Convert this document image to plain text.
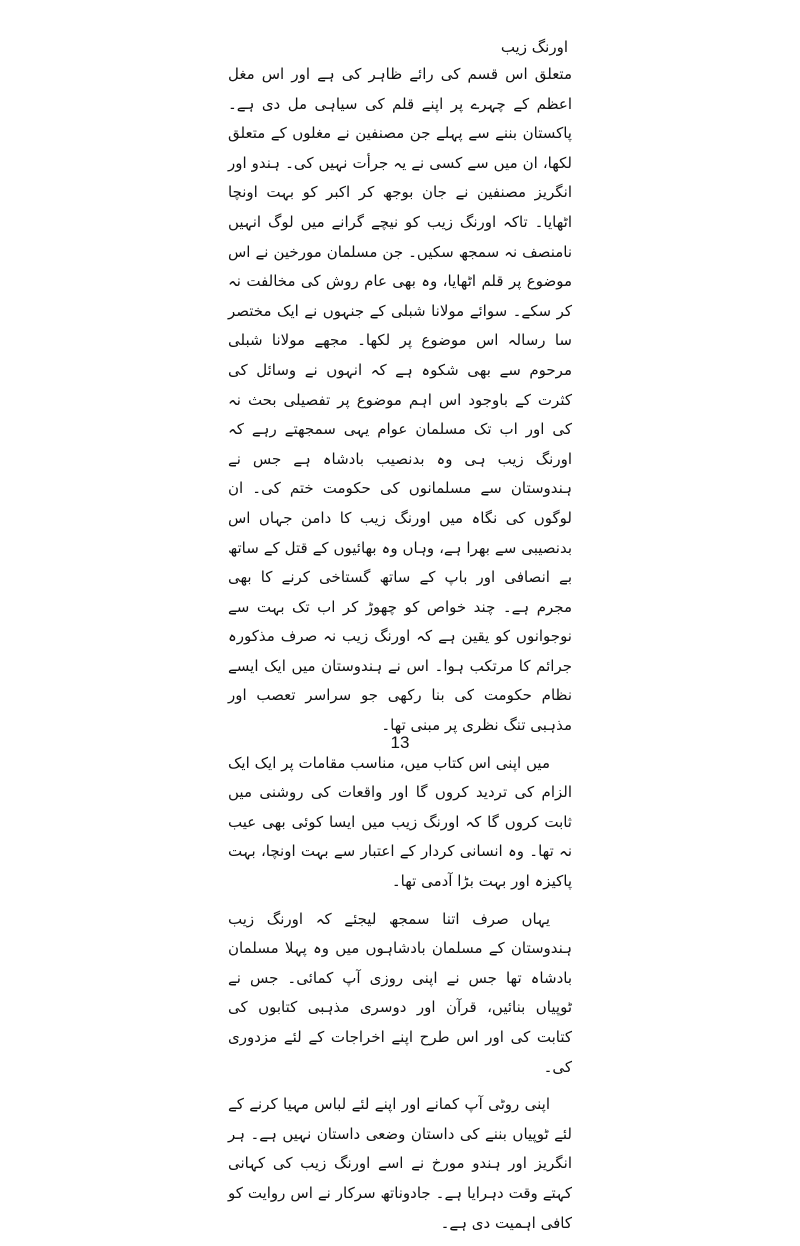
اورنگ زیب

متعلق اس قسم کی رائے ظاہر کی ہے اور اس مغل اعظم کے چہرے پر اپنے قلم کی سیاہی مل دی ہے۔ پاکستان بننے سے پہلے جن مصنفین نے مغلوں کے متعلق لکھا، ان میں سے کسی نے یہ جرأت نہیں کی۔ ہندو اور انگریز مصنفین نے جان بوجھ کر اکبر کو بہت اونچا اٹھایا۔ تاکہ اورنگ زیب کو نیچے گرانے میں لوگ انہیں نامنصف نہ سمجھ سکیں۔ جن مسلمان مورخین نے اس موضوع پر قلم اٹھایا، وہ بھی عام روش کی مخالفت نہ کر سکے۔ سوائے مولانا شبلی کے جنہوں نے ایک مختصر سا رسالہ اس موضوع پر لکھا۔ مجھے مولانا شبلی مرحوم سے بھی شکوہ ہے کہ انہوں نے وسائل کی کثرت کے باوجود اس اہم موضوع پر تفصیلی بحث نہ کی اور اب تک مسلمان عوام یہی سمجھتے رہے کہ اورنگ زیب ہی وہ بدنصیب بادشاہ ہے جس نے ہندوستان سے مسلمانوں کی حکومت ختم کی۔ ان لوگوں کی نگاہ میں اورنگ زیب کا دامن جہاں اس بدنصیبی سے بھرا ہے، وہاں وہ بھائیوں کے قتل کے ساتھ بے انصافی اور باپ کے ساتھ گستاخی کرنے کا بھی مجرم ہے۔ چند خواص کو چھوڑ کر اب تک بہت سے نوجوانوں کو یقین ہے کہ اورنگ زیب نہ صرف مذکورہ جرائم کا مرتکب ہوا۔ اس نے ہندوستان میں ایک ایسے نظام حکومت کی بنا رکھی جو سراسر تعصب اور مذہبی تنگ نظری پر مبنی تھا۔

میں اپنی اس کتاب میں، مناسب مقامات پر ایک ایک الزام کی تردید کروں گا اور واقعات کی روشنی میں ثابت کروں گا کہ اورنگ زیب میں ایسا کوئی بھی عیب نہ تھا۔ وہ انسانی کردار کے اعتبار سے بہت اونچا، بہت پاکیزہ اور بہت بڑا آدمی تھا۔

یہاں صرف اتنا سمجھ لیجئے کہ اورنگ زیب ہندوستان کے مسلمان بادشاہوں میں وہ پہلا مسلمان بادشاہ تھا جس نے اپنی روزی آپ کمائی۔ جس نے ٹوپیاں بنائیں، قرآن اور دوسری مذہبی کتابوں کی کتابت کی اور اس طرح اپنے اخراجات کے لئے مزدوری کی۔

اپنی روٹی آپ کمانے اور اپنے لئے لباس مہیا کرنے کے لئے ٹوپیاں بننے کی داستان وضعی داستان نہیں ہے۔ ہر انگریز اور ہندو مورخ نے اسے اورنگ زیب کی کہانی کہتے وقت دہرایا ہے۔ جادوناتھ سرکار نے اس روایت کو کافی اہمیت دی ہے۔

13
